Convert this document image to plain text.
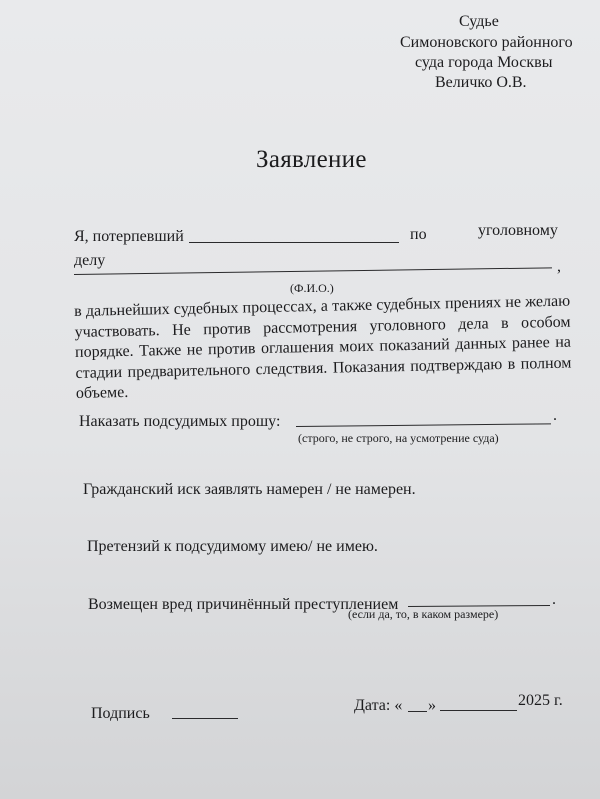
Судье
Симоновского районного
суда города Москвы
Величко О.В.
Заявление
Я, потерпевший	по	уголовному
делу	,
(Ф.И.О.)
в дальнейших судебных процессах, а также судебных прениях не желаю участвовать. Не против рассмотрения уголовного дела в особом порядке. Также не против оглашения моих показаний данных ранее на стадии предварительного следствия. Показания подтверждаю в полном объеме.
Наказать подсудимых прошу:	.
(строго, не строго, на усмотрение суда)
Гражданский иск заявлять намерен / не намерен.
Претензий к подсудимому имею/ не имею.
Возмещен вред причинённый преступлением	.
(если да, то, в каком размере)
Подпись	Дата: « »	2025 г.
